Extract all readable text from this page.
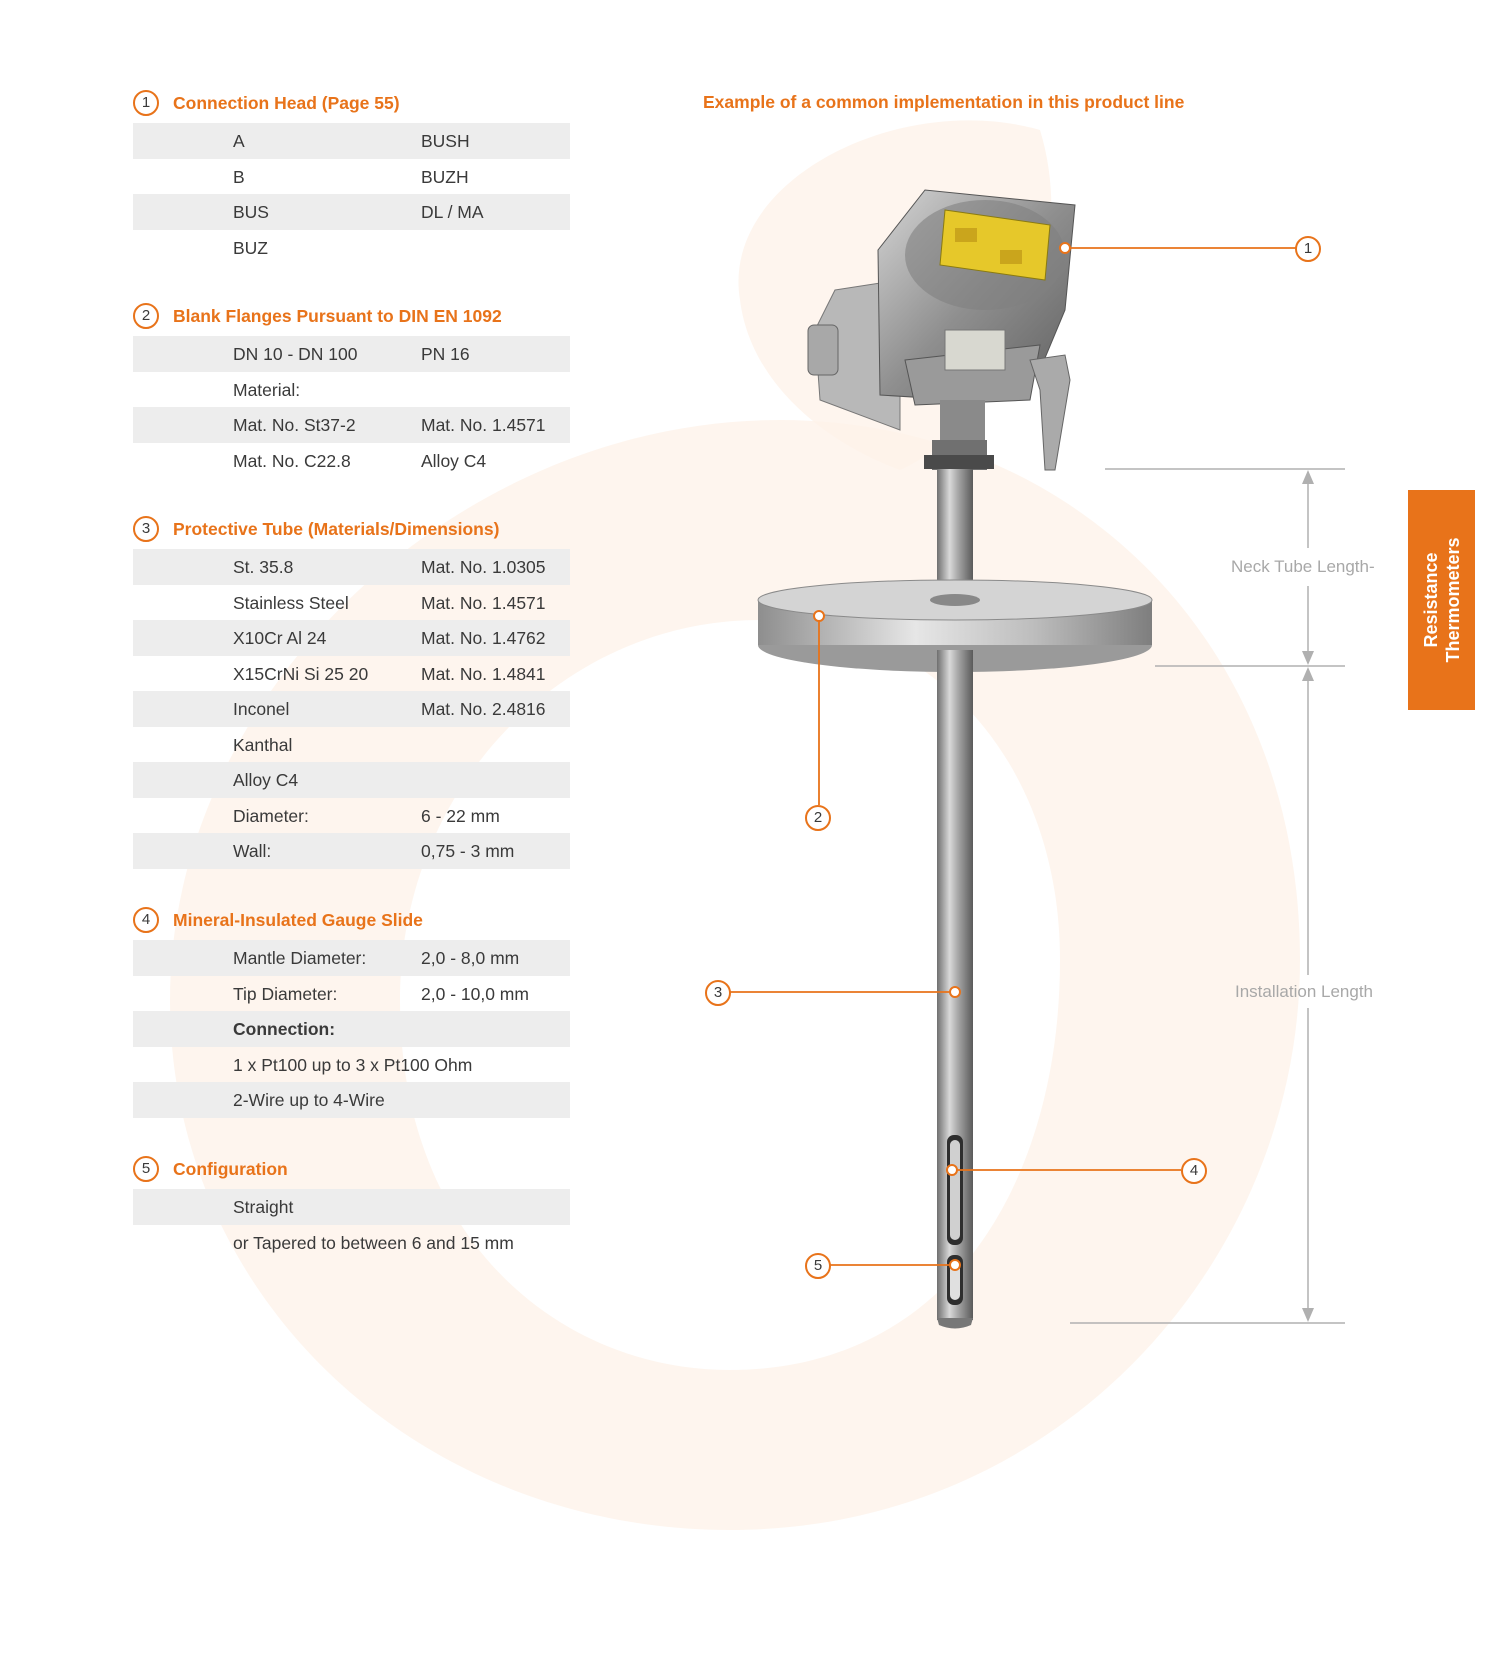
1	Connection Head (Page 55)
A	BUSH
B	BUZH
BUS	DL / MA
BUZ
2	Blank Flanges Pursuant to DIN EN 1092
DN 10 - DN 100	PN 16
Material:
Mat. No. St37-2	Mat. No. 1.4571
Mat. No. C22.8	Alloy C4
3	Protective Tube (Materials/Dimensions)
St. 35.8	Mat. No. 1.0305
Stainless Steel	Mat. No. 1.4571
X10Cr Al 24	Mat. No. 1.4762
X15CrNi Si 25 20	Mat. No. 1.4841
Inconel	Mat. No. 2.4816
Kanthal
Alloy C4
Diameter:	6 - 22 mm
Wall:	0,75 - 3 mm
4	Mineral-Insulated Gauge Slide
Mantle Diameter:	2,0 - 8,0 mm
Tip Diameter:	2,0 - 10,0 mm
Connection:
1 x Pt100 up to 3 x Pt100 Ohm
2-Wire up to 4-Wire
5	Configuration
Straight
or Tapered to between 6 and 15 mm
Example of a common implementation in this product line
1
2
3
4
5
Neck Tube Length-
Installation Length
Resistance Thermometers
